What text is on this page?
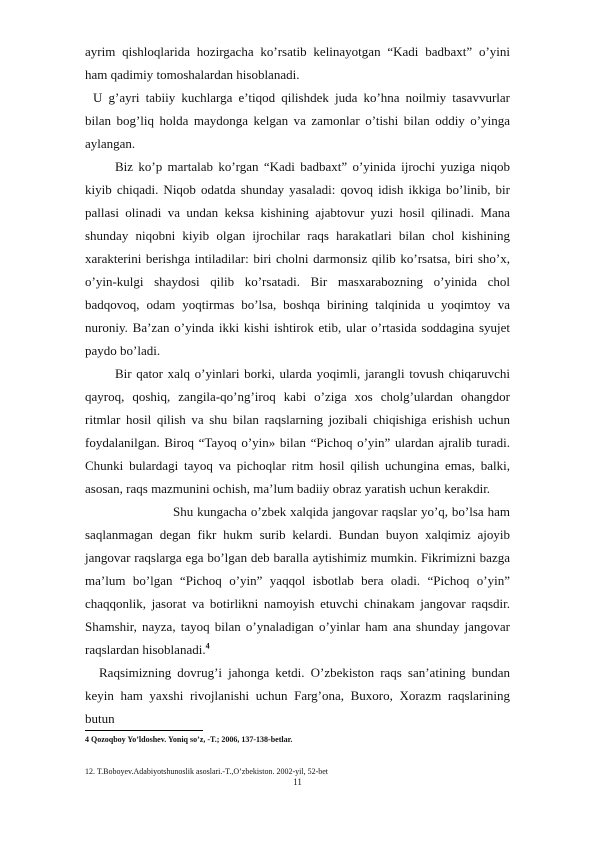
ayrim qishloqlarida hozirgacha ko’rsatib kelinayotgan “Kadi badbaxt” o’yini ham qadimiy tomoshalardan hisoblanadi.

U g’ayri tabiiy kuchlarga e’tiqod qilishdek juda ko’hna noilmiy tasavvurlar bilan bog’liq holda maydonga kelgan va zamonlar o’tishi bilan oddiy o’yinga aylangan.

Biz ko’p martalab ko’rgan “Kadi badbaxt” o’yinida ijrochi yuziga niqob kiyib chiqadi. Niqob odatda shunday yasaladi: qovoq idish ikkiga bo’linib, bir pallasi olinadi va undan keksa kishining ajabtovur yuzi hosil qilinadi. Mana shunday niqobni kiyib olgan ijrochilar raqs harakatlari bilan chol kishining xarakterini berishga intiladilar: biri cholni darmonsiz qilib ko’rsatsa, biri sho’x, o’yin-kulgi shaydosi qilib ko’rsatadi. Bir masxarabozning o’yinida chol badqovoq, odam yoqtirmas bo’lsa, boshqa birining talqinida u yoqimtoy va nuroniy. Ba’zan o’yinda ikki kishi ishtirok etib, ular o’rtasida soddagina syujet paydo bo’ladi.

Bir qator xalq o’yinlari borki, ularda yoqimli, jarangli tovush chiqaruvchi qayroq, qoshiq, zangila-qo’ng’iroq kabi o’ziga xos cholg’ulardan ohangdor ritmlar hosil qilish va shu bilan raqslarning jozibali chiqishiga erishish uchun foydalanilgan. Biroq “Tayoq o’yin» bilan “Pichoq o’yin” ulardan ajralib turadi. Chunki bulardagi tayoq va pichoqlar ritm hosil qilish uchungina emas, balki, asosan, raqs mazmunini ochish, ma’lum badiiy obraz yaratish uchun kerakdir.

Shu kungacha o’zbek xalqida jangovar raqslar yo’q, bo’lsa ham saqlanmagan degan fikr hukm surib kelardi. Bundan buyon xalqimiz ajoyib jangovar raqslarga ega bo’lgan deb baralla aytishimiz mumkin. Fikrimizni bazga ma’lum bo’lgan “Pichoq o’yin” yaqqol isbotlab bera oladi. “Pichoq o’yin” chaqqonlik, jasorat va botirlikni namoyish etuvchi chinakam jangovar raqsdir. Shamshir, nayza, tayoq bilan o’ynaladigan o’yinlar ham ana shunday jangovar raqslardan hisoblanadi.$^4$

Raqsimizning dovrug’i jahonga ketdi. O’zbekiston raqs san’atining bundan keyin ham yaxshi rivojlanishi uchun Farg’ona, Buxoro, Xorazm raqslarining butun

4 Qozoqboy Yo’ldoshev. Yoniq so’z, -T.; 2006, 137-138-betlar.
12. T.Boboyev.Adabiyotshunoslik asoslari.-T.,O’zbekiston. 2002-yil, 52-bet
11
